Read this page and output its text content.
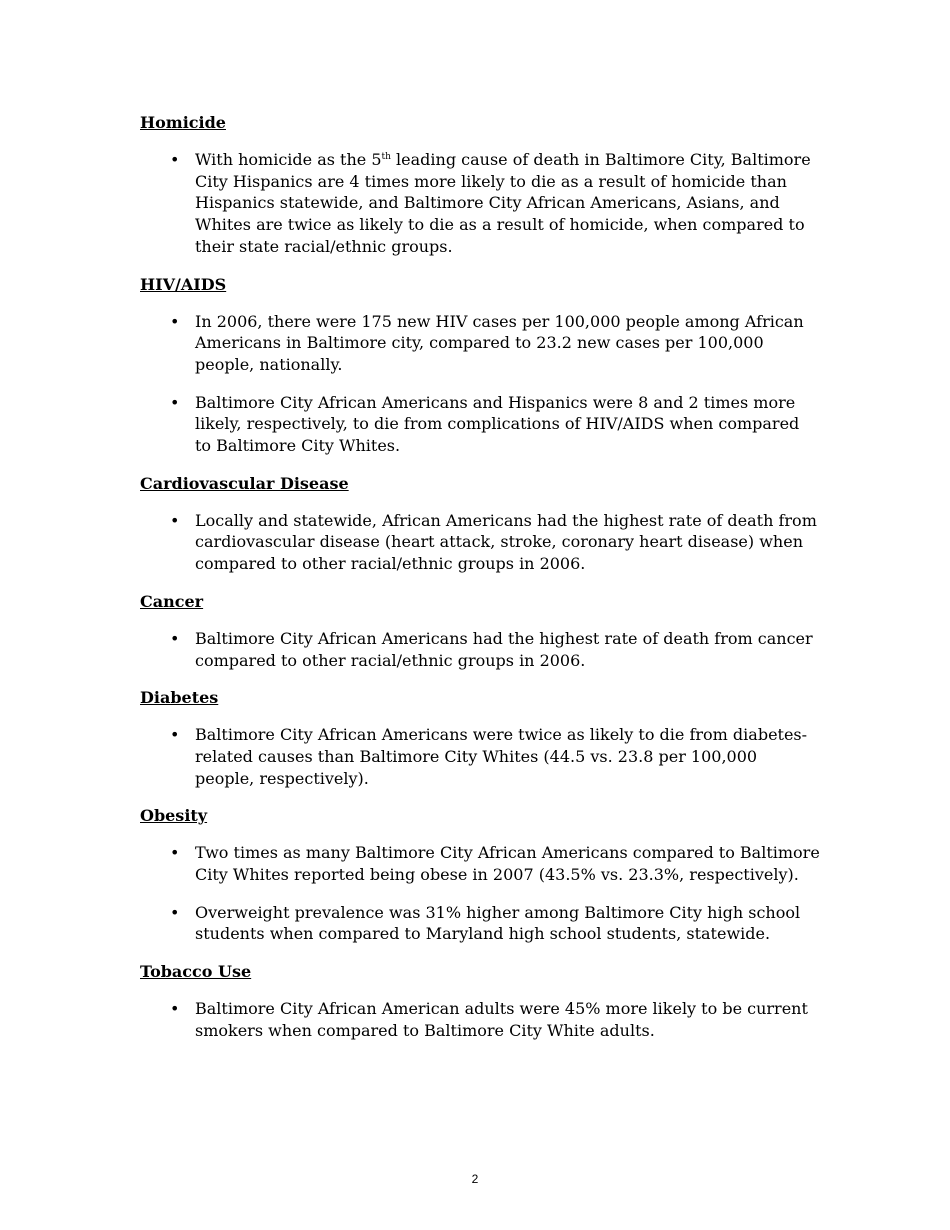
Homicide
• With homicide as the 5th leading cause of death in Baltimore City, Baltimore City Hispanics are 4 times more likely to die as a result of homicide than Hispanics statewide, and Baltimore City African Americans, Asians, and Whites are twice as likely to die as a result of homicide, when compared to their state racial/ethnic groups.
HIV/AIDS
• In 2006, there were 175 new HIV cases per 100,000 people among African Americans in Baltimore city, compared to 23.2 new cases per 100,000 people, nationally.
• Baltimore City African Americans and Hispanics were 8 and 2 times more likely, respectively, to die from complications of HIV/AIDS when compared to Baltimore City Whites.
Cardiovascular Disease
• Locally and statewide, African Americans had the highest rate of death from cardiovascular disease (heart attack, stroke, coronary heart disease) when compared to other racial/ethnic groups in 2006.
Cancer
• Baltimore City African Americans had the highest rate of death from cancer compared to other racial/ethnic groups in 2006.
Diabetes
• Baltimore City African Americans were twice as likely to die from diabetes-related causes than Baltimore City Whites (44.5 vs. 23.8 per 100,000 people, respectively).
Obesity
• Two times as many Baltimore City African Americans compared to Baltimore City Whites reported being obese in 2007 (43.5% vs. 23.3%, respectively).
• Overweight prevalence was 31% higher among Baltimore City high school students when compared to Maryland high school students, statewide.
Tobacco Use
• Baltimore City African American adults were 45% more likely to be current smokers when compared to Baltimore City White adults.
2
